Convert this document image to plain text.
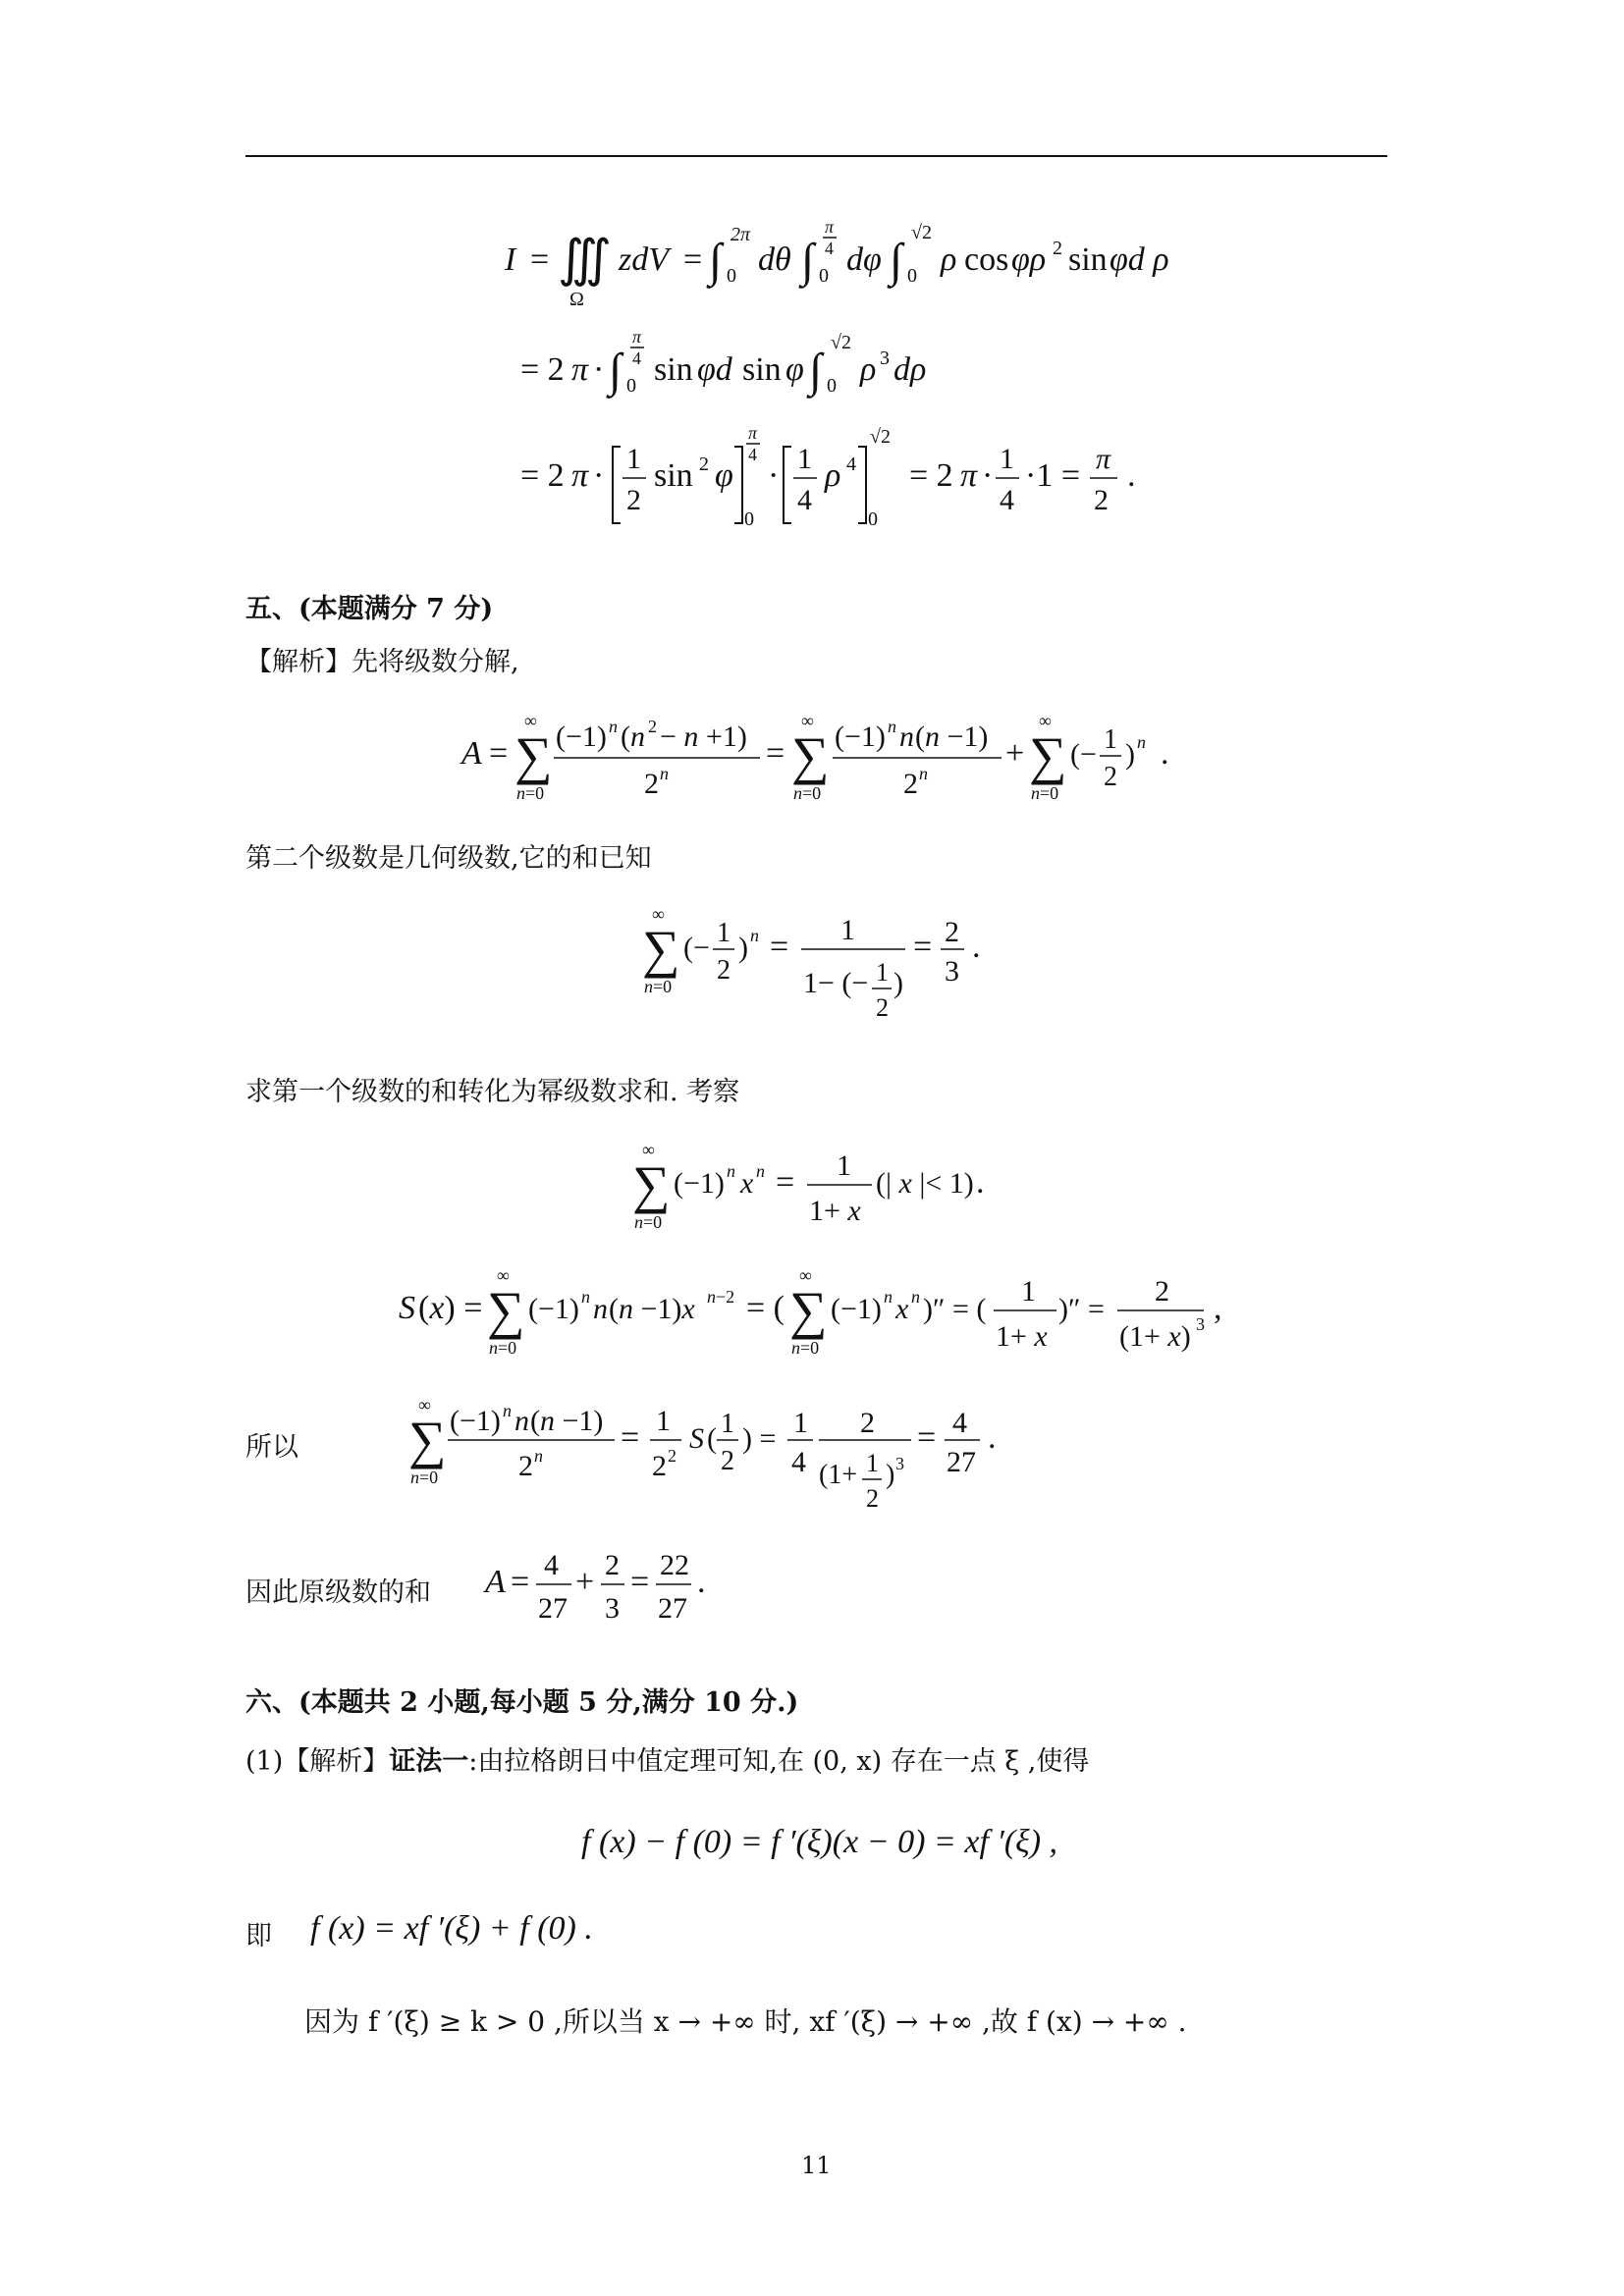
I = ∭
Ω
zdV = ∫ 2π
0 dθ ∫
π
4
0 dφ ∫
√2
0 ρ cos φρ 2 sin φd ρ
= 2 π · ∫
π
4
0 sin φd sin φ ∫
√2
0 ρ 3 dρ
= 2 π · 1
2
sin 2 φ
π
4
0
· 1
4
ρ 4
√2
0
= 2 π · 1
4
·1 = π
2
.
五、(本题满分 7 分)
【解析】先将级数分解,
A = ∑
∞
n=0
(−1) n (n 2 − n +1)
2 n
= ∑
∞
n=0
(−1) n n (n −1)
2 n
+ ∑
∞
n=0
(− 1
2
) n .
第二个级数是几何级数,它的和已知
∑
∞
n=0
(− 1
2
) n = 1
1− (− 1
2
)
= 2
3
.
求第一个级数的和转化为幂级数求和. 考察
∑
∞
n=0
(−1) n x n = 1
1+ x
(| x |< 1) .
S (x) = ∑
∞
n=0
(−1) n n (n −1)x n−2 = ( ∑
∞
n=0
(−1) n x n )″ = (
1
1+ x
)″ =
2
(1+ x) 3 ,
所以 ∑
∞
n=0
(−1) n n (n −1)
2 n = 1
2 2
S ( 1
2
) = 1
4
2
(1+ 1
2
) 3
= 4
27
.
因此原级数的和 A = 4
27
+ 2
3
= 22
27
.
六、(本题共 2 小题,每小题 5 分,满分 10 分.)
(1)【解析】证法一:由拉格朗日中值定理可知,在 (0, x) 存在一点 ξ ,使得
f (x) − f (0) = f ′(ξ)(x − 0) = xf ′(ξ) ,
即 f (x) = xf ′(ξ) + f (0) .
因为 f ′(ξ) ≥ k > 0 ,所以当 x → +∞ 时, xf ′(ξ) → +∞ ,故 f (x) → +∞ .
11
